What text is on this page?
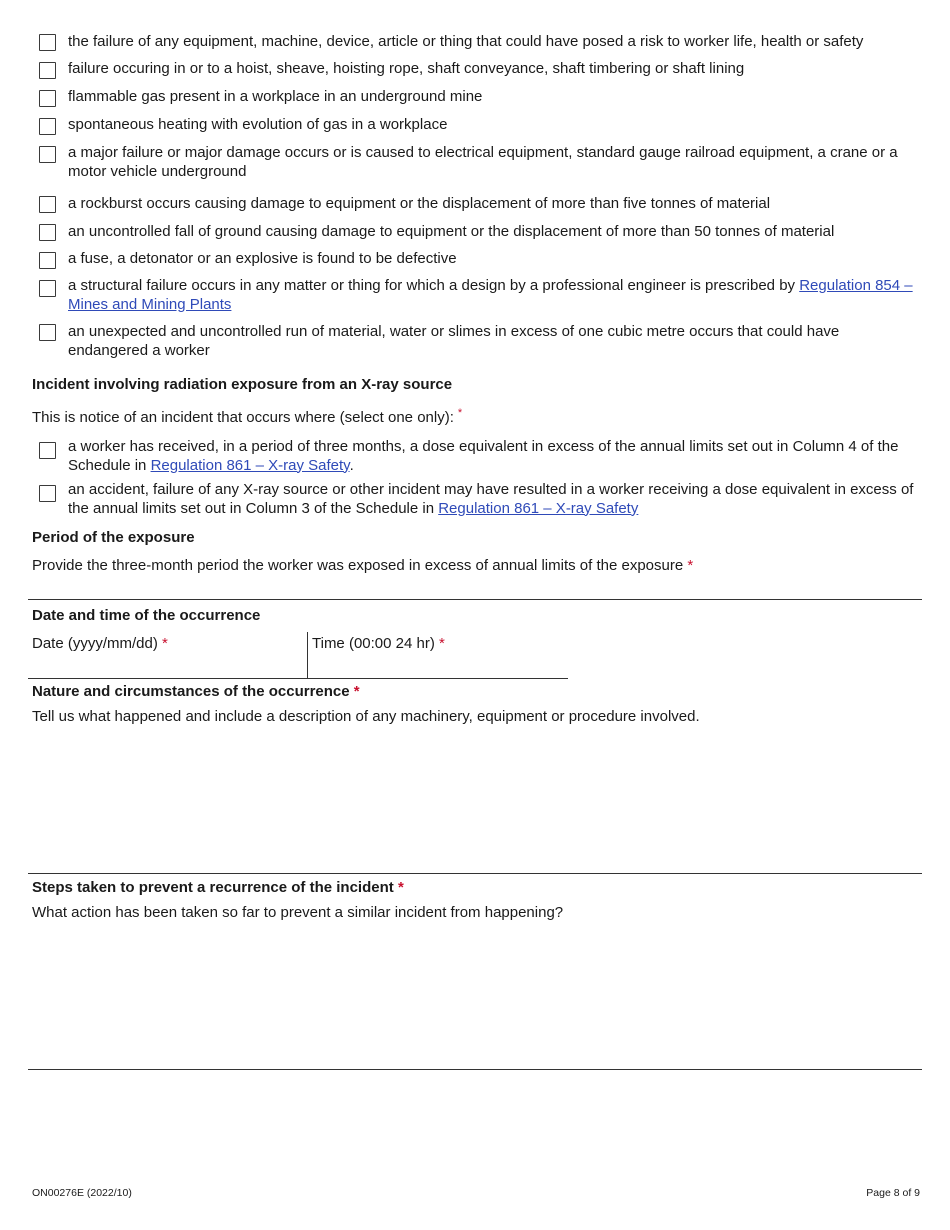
the failure of any equipment, machine, device, article or thing that could have posed a risk to worker life, health or safety
failure occuring in or to a hoist, sheave, hoisting rope, shaft conveyance, shaft timbering or shaft lining
flammable gas present in a workplace in an underground mine
spontaneous heating with evolution of gas in a workplace
a major failure or major damage occurs or is caused to electrical equipment, standard gauge railroad equipment, a crane or a motor vehicle underground
a rockburst occurs causing damage to equipment or the displacement of more than five tonnes of material
an uncontrolled fall of ground causing damage to equipment or the displacement of more than 50 tonnes of material
a fuse, a detonator or an explosive is found to be defective
a structural failure occurs in any matter or thing for which a design by a professional engineer is prescribed by Regulation 854 – Mines and Mining Plants
an unexpected and uncontrolled run of material, water or slimes in excess of one cubic metre occurs that could have endangered a worker
Incident involving radiation exposure from an X-ray source
This is notice of an incident that occurs where (select one only): *
a worker has received, in a period of three months, a dose equivalent in excess of the annual limits set out in Column 4 of the Schedule in Regulation 861 – X-ray Safety.
an accident, failure of any X-ray source or other incident may have resulted in a worker receiving a dose equivalent in excess of the annual limits set out in Column 3 of the Schedule in Regulation 861 – X-ray Safety
Period of the exposure
Provide the three-month period the worker was exposed in excess of annual limits of the exposure *
Date and time of the occurrence
Date (yyyy/mm/dd) *	Time (00:00 24 hr) *
Nature and circumstances of the occurrence *
Tell us what happened and include a description of any machinery, equipment or procedure involved.
Steps taken to prevent a recurrence of the incident *
What action has been taken so far to prevent a similar incident from happening?
ON00276E (2022/10)	Page 8 of 9
